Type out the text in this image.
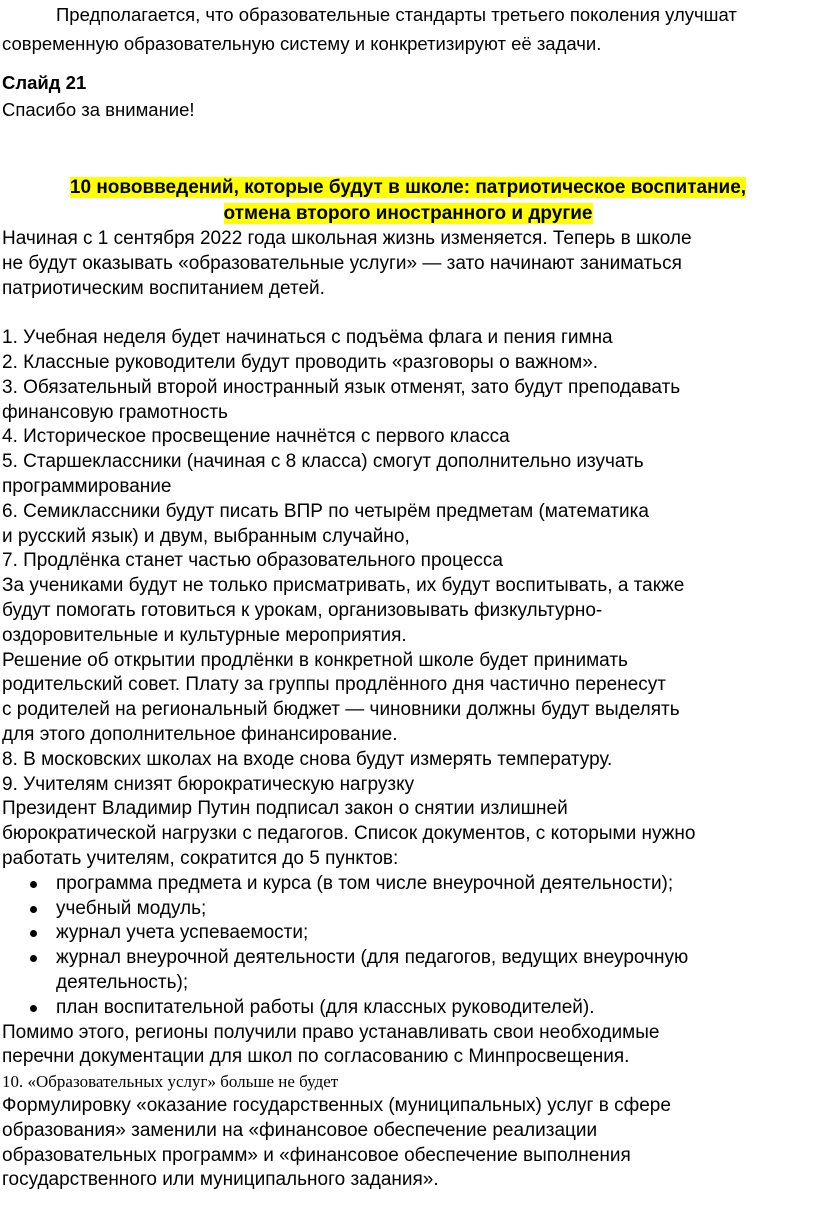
Предполагается, что образовательные стандарты третьего поколения улучшат
современную образовательную систему и конкретизируют её задачи.

Слайд 21

Спасибо за внимание!

10 нововведений, которые будут в школе: патриотическое воспитание,
отмена второго иностранного и другие

Начиная с 1 сентября 2022 года школьная жизнь изменяется. Теперь в школе

не будут оказывать «образовательные услуги» — зато начинают заниматься

патриотическим воспитанием детей.

1. Учебная неделя будет начинаться с подъёма флага и пения гимна

2. Классные руководители будут проводить «разговоры о важном».

3. Обязательный второй иностранный язык отменят, зато будут преподавать

финансовую грамотность

4. Историческое просвещение начнётся с первого класса

5. Старшеклассники (начиная с 8 класса) смогут дополнительно изучать

программирование

6. Семиклассники будут писать ВПР по четырём предметам (математика

и русский язык) и двум, выбранным случайно,

7. Продлёнка станет частью образовательного процесса

За учениками будут не только присматривать, их будут воспитывать, а также

будут помогать готовиться к урокам, организовывать физкультурно-

оздоровительные и культурные мероприятия.

Решение об открытии продлёнки в конкретной школе будет принимать

родительский совет. Плату за группы продлённого дня частично перенесут

с родителей на региональный бюджет — чиновники должны будут выделять

для этого дополнительное финансирование.

8. В московских школах на входе снова будут измерять температуру.

9. Учителям снизят бюрократическую нагрузку

Президент Владимир Путин подписал закон о снятии излишней

бюрократической нагрузки с педагогов. Список документов, с которыми нужно

работать учителям, сократится до 5 пунктов:

программа предмета и курса (в том числе внеурочной деятельности);
учебный модуль;
журнал учета успеваемости;
журнал внеурочной деятельности (для педагогов, ведущих внеурочную
деятельность);
план воспитательной работы (для классных руководителей).

Помимо этого, регионы получили право устанавливать свои необходимые

перечни документации для школ по согласованию с Минпросвещения.

10. «Образовательных услуг» больше не будет

Формулировку «оказание государственных (муниципальных) услуг в сфере

образования» заменили на «финансовое обеспечение реализации

образовательных программ» и «финансовое обеспечение выполнения

государственного или муниципального задания».
